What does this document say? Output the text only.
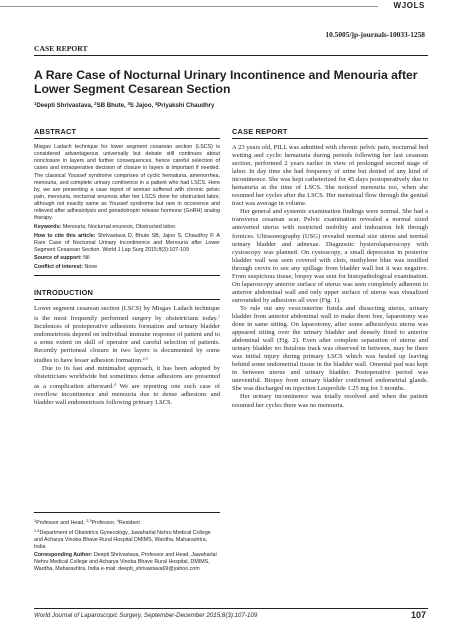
WJOLS
10.5005/jp-journals-10033-1258
CASE REPORT
A Rare Case of Nocturnal Urinary Incontinence and Menouria after Lower Segment Cesarean Section
$^1$Deepti Shrivastava, $^2$SB Bhute, $^3$S Jajoo, $^4$Priyakshi Chaudhry
ABSTRACT

Misgav Ladach technique for lower segment cesarean section (LSCS) is considered advantageous universally but debate still continues about nonclosure in layers and further consequences, hence careful selection of cases and intraoperative decision of closure in layers is important if needed. The classical Youssef syndrome comprises of cyclic hematuria, amenorrhea, menouria, and complete urinary continence in a patient who had LSCS. Here by, we are presenting a case report of woman suffered with chronic pelvic pain, menouria, nocturnal enuresis after her LSCS done for obstructed labor, although not exactly same as Youssef syndrome but rare in occerence and relieved after adhesiolysis and gonadotropin release hormone (GnRH) analog therapy.

Keywords: Menouria, Nocturnal enuresis, Obstructed labor.

How to cite this article: Shrivastava D, Bhute SB, Jajoo S, Chaudhry P. A Rare Case of Nocturnal Urinary Incontinence and Menouria after Lower Segment Cesarean Section. World J Lap Surg 2015;8(3):107-109

Source of support: Nil

Conflict of interest: None

INTRODUCTION

Lower segment cesarean section (LSCS) by Misgav Ladach technique is the most frequently performed surgery by obstetricians today.$^1$ Incidences of postoperative adhesions formation and urinary bladder endometriosis depend on individual immune response of patient and to a some extent on skill of operator and careful selection of patients. Recently peritoneal closure in two layers is documented by some studies to have lesser adhesion formation.$^{2,3}$

Due to its fast and minimalist approach, it has been adopted by obstetricians worldwide but sometimes dense adhesions are presented as a complication afterward.$^4$ We are reporting one such case of overflow incontinence and menouria due to dense adhesions and bladder wall endometriosis following primary LSCS.

$^1$Professor and Head, $^{2,3}$Professor, $^4$Resident

$^{1-4}$Department of Obstetrics Gynecology, Jawaharlal Nehru Medical College and Acharya Vinoba Bhave Rural Hospital DMIMS, Wardha, Maharashtra, India

Corresponding Author: Deepti Shrivastava, Professor and Head, Jawaharlal Nehru Medical College and Acharya Vinoba Bhave Rural Hospital, DMIMS, Wardha, Maharashtra, India e-mail: deepti_shrivastava69@yahoo.com

CASE REPORT

A 23 years old, PILL was admitted with chronic pelvic pain, nocturnal bed wetting and cyclic hematuria during periods following her last cesarean section, performed 2 years earlier in view of prolonged second stage of labor. In day time she had frequency of urine but denied of any kind of incontinence. She was kept catheterized for 45 days postoperatively due to hematuria at the time of LSCS. She noticed menouria too, when she resumed her cycles after the LSCS. Her menstrual flow through the genital tract was average in volume.

Her general and systemic examination findings were normal. She had a transverse cesarean scar. Pelvic examination revealed a normal sized anteverted uterus with restricted mobility and induration felt through fornices. Ultrasonography (USG) revealed normal size uterus and normal urinary bladder and adnexae. Diagnostic hysterolaparoscopy with cystoscopy was planned. On cystoscopy, a small depression in posterior bladder wall was seen covered with clots, methylene blue was instilled through cervix to see any spillage from bladder wall but it was negative. From suspicious tissue, biopsy was sent for histopathological examination. On laparoscopy anterior surface of uterus was seen completely adherent to anterior abdominal wall and only upper surface of uterus was visualized surrounded by adhesions all over (Fig. 1).

To rule out any vesicouterine fistula and dissecting uterus, urinary bladder from anterior abdominal wall to make them free, laparotomy was done in same sitting. On laparotomy, after some adhesiolysis uterus was appeared sitting over the urinary bladder and densely fixed to anterior abdominal wall (Fig. 2). Even after complete separation of uterus and urinary bladder no fistulous track was observed in between, may be there was initial injury during primary LSCS which was healed up leaving behind some endometrial tissue in the bladder wall. Omental pad was kept in between uterus and urinary bladder. Postoperative period was uneventful. Biopsy from urinary bladder confirmed endometrial glands. She was discharged on injection Leuprolide 1.25 mg for 3 months.

Her urinary incontinence was totally resolved and when the patient resumed her cycles there was no menouria.

World Journal of Laparoscopic Surgery, September-December 2015;8(3):107-109	107
